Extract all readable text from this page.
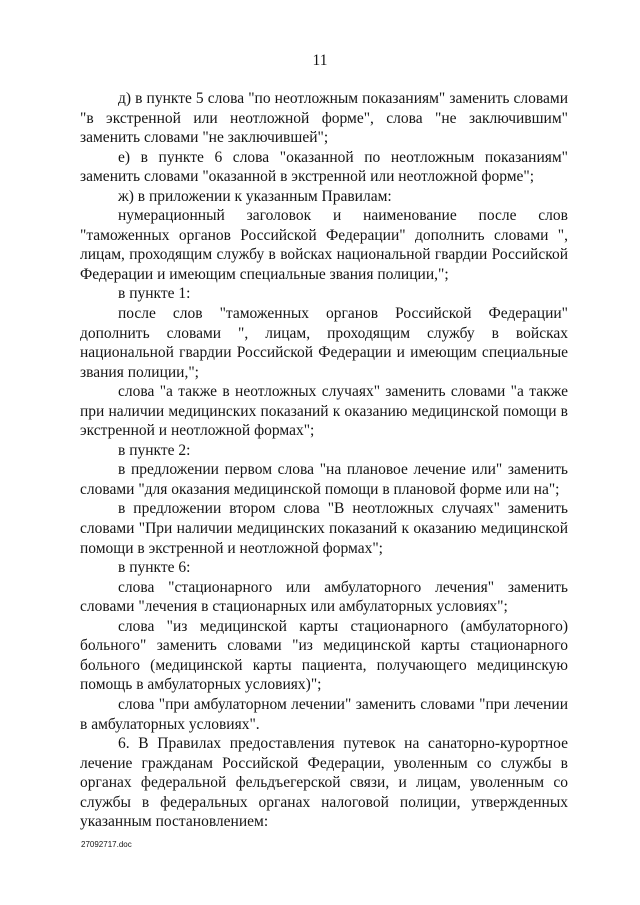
11

д) в пункте 5 слова "по неотложным показаниям" заменить словами "в экстренной или неотложной форме", слова "не заключившим" заменить словами "не заключившей";

е) в пункте 6 слова "оказанной по неотложным показаниям" заменить словами "оказанной в экстренной или неотложной форме";

ж) в приложении к указанным Правилам:

нумерационный заголовок и наименование после слов "таможенных органов Российской Федерации" дополнить словами ", лицам, проходящим службу в войсках национальной гвардии Российской Федерации и имеющим специальные звания полиции,";

в пункте 1:

после слов "таможенных органов Российской Федерации" дополнить словами ", лицам, проходящим службу в войсках национальной гвардии Российской Федерации и имеющим специальные звания полиции,";

слова "а также в неотложных случаях" заменить словами "а также при наличии медицинских показаний к оказанию медицинской помощи в экстренной и неотложной формах";

в пункте 2:

в предложении первом слова "на плановое лечение или" заменить словами "для оказания медицинской помощи в плановой форме или на";

в предложении втором слова "В неотложных случаях" заменить словами "При наличии медицинских показаний к оказанию медицинской помощи в экстренной и неотложной формах";

в пункте 6:

слова "стационарного или амбулаторного лечения" заменить словами "лечения в стационарных или амбулаторных условиях";

слова "из медицинской карты стационарного (амбулаторного) больного" заменить словами "из медицинской карты стационарного больного (медицинской карты пациента, получающего медицинскую помощь в амбулаторных условиях)";

слова "при амбулаторном лечении" заменить словами "при лечении в амбулаторных условиях".

6. В Правилах предоставления путевок на санаторно-курортное лечение гражданам Российской Федерации, уволенным со службы в органах федеральной фельдъегерской связи, и лицам, уволенным со службы в федеральных органах налоговой полиции, утвержденных указанным постановлением:

27092717.doc
